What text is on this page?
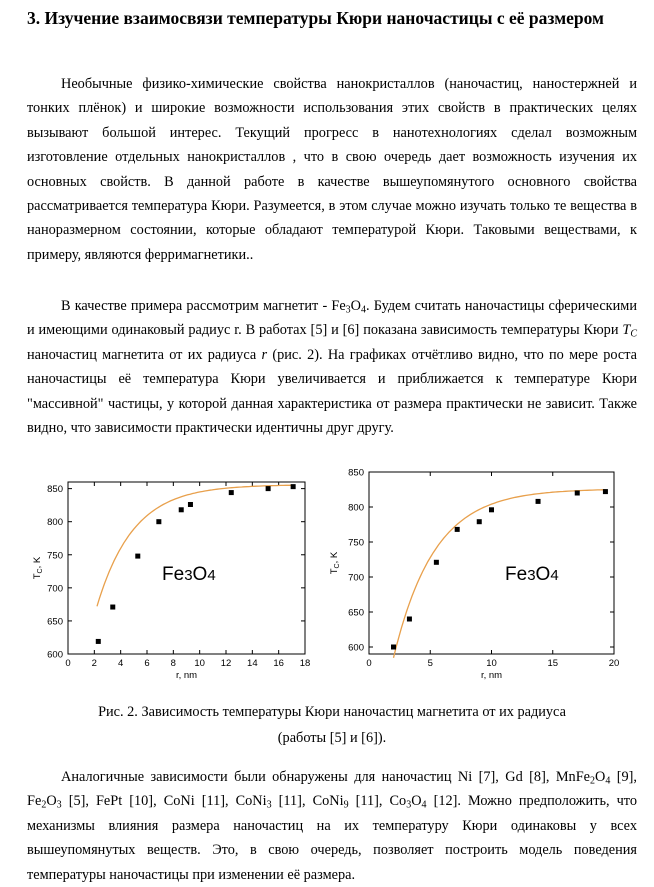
3. Изучение взаимосвязи температуры Кюри наночастицы с её размером

Необычные физико-химические свойства нанокристаллов (наночастиц, наностержней и тонких плёнок) и широкие возможности использования этих свойств в практических целях вызывают большой интерес. Текущий прогресс в нанотехнологиях сделал возможным изготовление отдельных нанокристаллов , что в свою очередь дает возможность изучения их основных свойств. В данной работе в качестве вышеупомянутого основного свойства рассматривается температура Кюри. Разумеется, в этом случае можно изучать только те вещества в наноразмерном состоянии, которые обладают температурой Кюри. Таковыми веществами, к примеру, являются ферримагнетики..

В качестве примера рассмотрим магнетит - $Fe_3O_4$. Будем считать наночастицы сферическими и имеющими одинаковый радиус r. В работах [5] и [6] показана зависимость температуры Кюри $T_C$ наночастиц магнетита от их радиуса r (рис. 2). На графиках отчётливо видно, что по мере роста наночастицы её температура Кюри увеличивается и приближается к температуре Кюри "массивной" частицы, у которой данная характеристика от размера практически не зависит. Также видно, что зависимости практически идентичны друг другу.

0 2 4 6 8 10 12 14 16 18
600
650
700
750
800
850
r, nm
$T_C$, K
Fe3O4
0	5	10	15	20
600
650
700
750
800
850
r, nm
$T_C$, K
Fe3O4
Рис. 2. Зависимость температуры Кюри наночастиц магнетита от их радиуса
(работы [5] и [6]).

Аналогичные зависимости были обнаружены для наночастиц Ni [7], Gd [8], $MnFe_2O_4$ [9], $Fe_2O_3$ [5], FePt [10], CoNi [11], CoNi$_3$ [11], CoNi$_9$ [11], $Co_3O_4$ [12]. Можно предположить, что механизмы влияния размера наночастиц на их температуру Кюри одинаковы у всех вышеупомянутых веществ. Это, в свою очередь, позволяет построить модель поведения температуры наночастицы при изменении её размера.
